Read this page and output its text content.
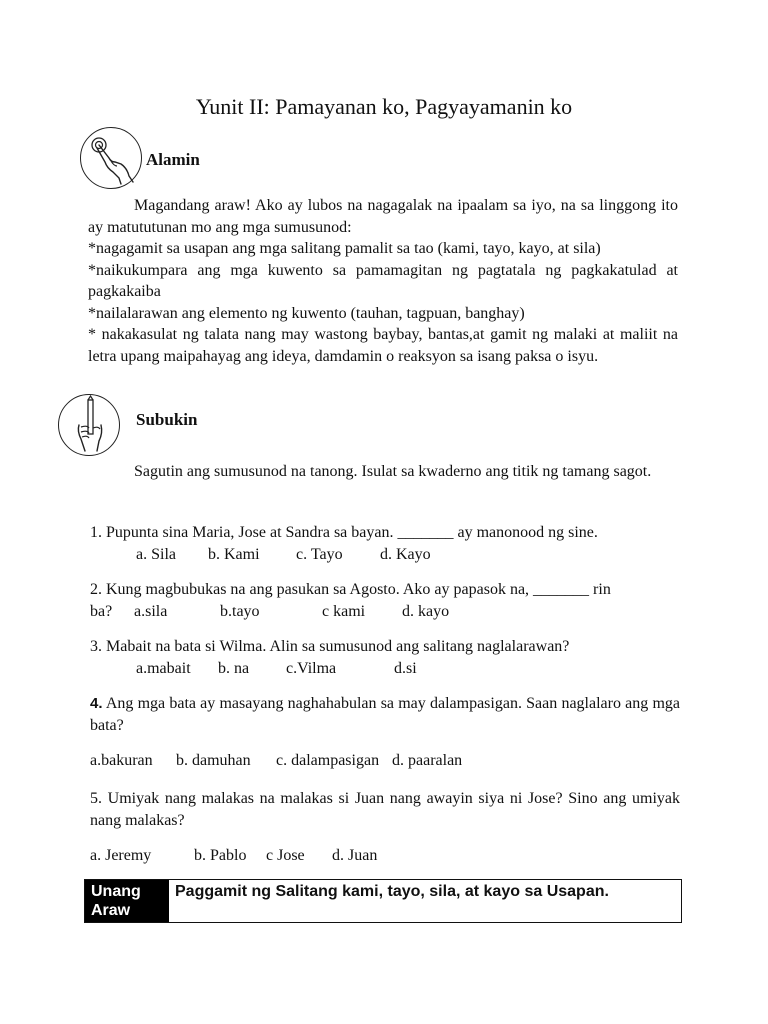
Yunit II: Pamayanan ko, Pagyayamanin ko
Alamin

Magandang araw! Ako ay lubos na nagagalak na ipaalam sa iyo, na sa linggong ito ay matututunan mo ang mga sumusunod:

*nagagamit sa usapan ang mga salitang pamalit sa tao (kami, tayo, kayo, at sila)

*naikukumpara ang mga kuwento sa pamamagitan ng pagtatala ng pagkakatulad at pagkakaiba

*nailalarawan ang elemento ng kuwento (tauhan, tagpuan, banghay)

* nakakasulat ng talata nang may wastong baybay, bantas,at gamit ng malaki at maliit na letra upang maipahayag ang ideya, damdamin o reaksyon sa isang paksa o isyu.

Subukin

Sagutin ang sumusunod na tanong. Isulat sa kwaderno ang titik ng tamang sagot.

1. Pupunta sina Maria, Jose at Sandra sa bayan. _______ ay manonood ng sine.

a. Sila b. Kami c. Tayo d. Kayo

2. Kung magbubukas na ang pasukan sa Agosto. Ako ay papasok na, _______ rin

ba? a.sila	b.tayo	c kami d. kayo

3. Mabait na bata si Wilma. Alin sa sumusunod ang salitang naglalarawan?

a.mabait b. na c.Vilma	d.si

4. Ang mga bata ay masayang naghahabulan sa may dalampasigan. Saan naglalaro ang mga bata?

a.bakuran b. damuhan c. dalampasigan d. paaralan

5. Umiyak nang malakas na malakas si Juan nang awayin siya ni Jose? Sino ang umiyak nang malakas?

a. Jeremy	b. Pablo c Jose d. Juan
Unang Araw
Paggamit ng Salitang kami, tayo, sila, at kayo sa Usapan.
